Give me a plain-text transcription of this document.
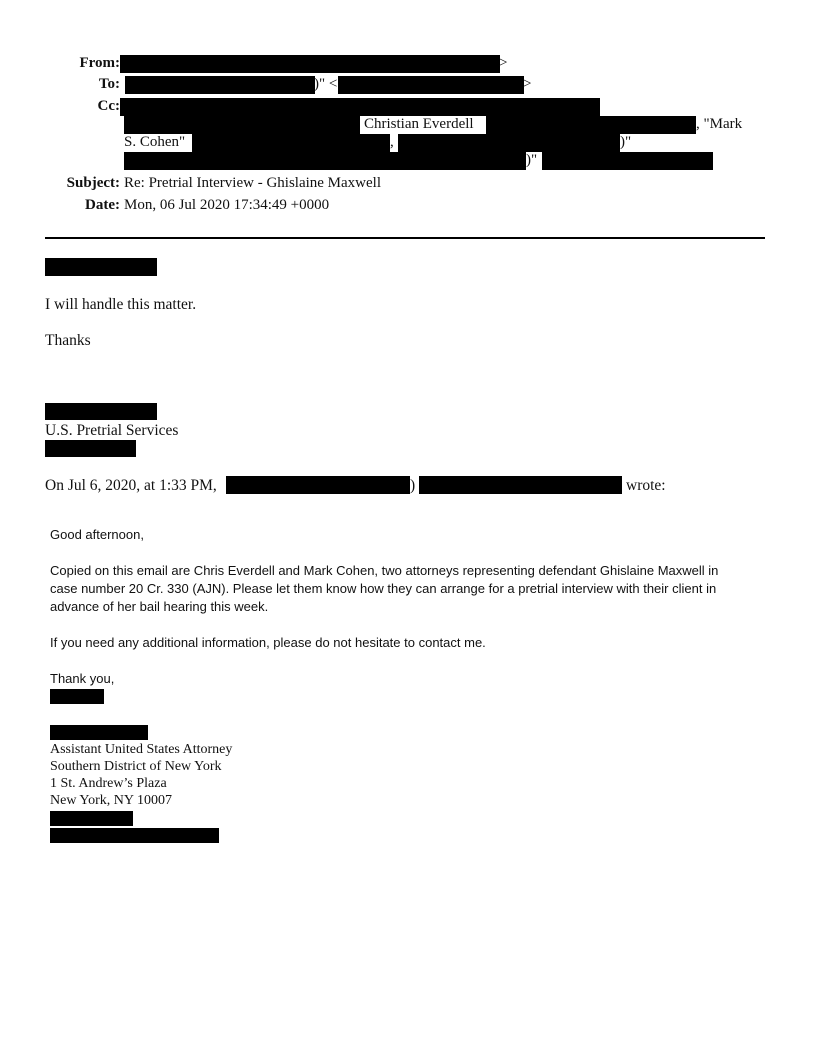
From:	>
To:	)" <	>
Cc:
Christian Everdell	, "Mark
S. Cohen"	,	)"
)"
Subject: Re: Pretrial Interview - Ghislaine Maxwell
Date: Mon, 06 Jul 2020 17:34:49 +0000
I will handle this matter.
Thanks
U.S. Pretrial Services
On Jul 6, 2020, at 1:33 PM,	)	wrote:
Good afternoon,
Copied on this email are Chris Everdell and Mark Cohen, two attorneys representing defendant Ghislaine Maxwell in
case number 20 Cr. 330 (AJN). Please let them know how they can arrange for a pretrial interview with their client in
advance of her bail hearing this week.
If you need any additional information, please do not hesitate to contact me.
Thank you,
Assistant United States Attorney
Southern District of New York
1 St. Andrew’s Plaza
New York, NY 10007
